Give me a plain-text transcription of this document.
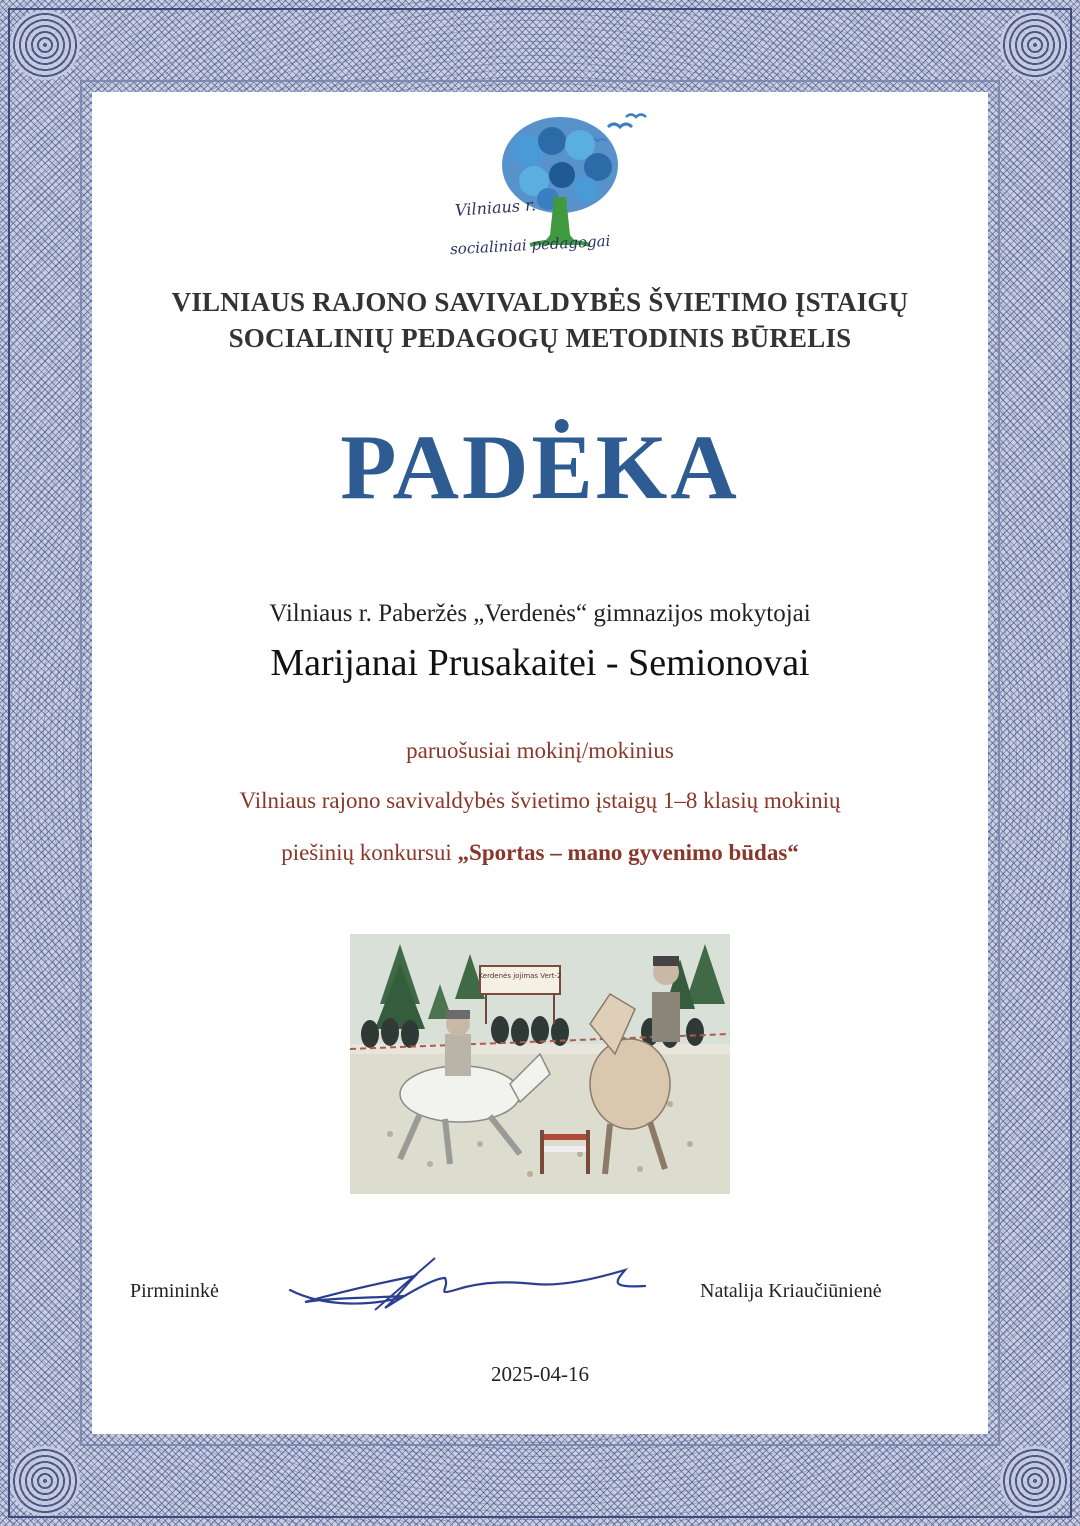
Vilniaus r.
socialiniai pedagogai
VILNIAUS RAJONO SAVIVALDYBĖS ŠVIETIMO ĮSTAIGŲ
SOCIALINIŲ PEDAGOGŲ METODINIS BŪRELIS
PADĖKA
Vilniaus r. Paberžės „Verdenės“ gimnazijos mokytojai
Marijanai Prusakaitei - Semionovai
paruošusiai mokinį/mokinius
Vilniaus rajono savivaldybės švietimo įstaigų 1–8 klasių mokinių
piešinių konkursui „Sportas – mano gyvenimo būdas“
Kerdenės jojimas Vert-2
Pirmininkė	Natalija Kriaučiūnienė
2025-04-16
